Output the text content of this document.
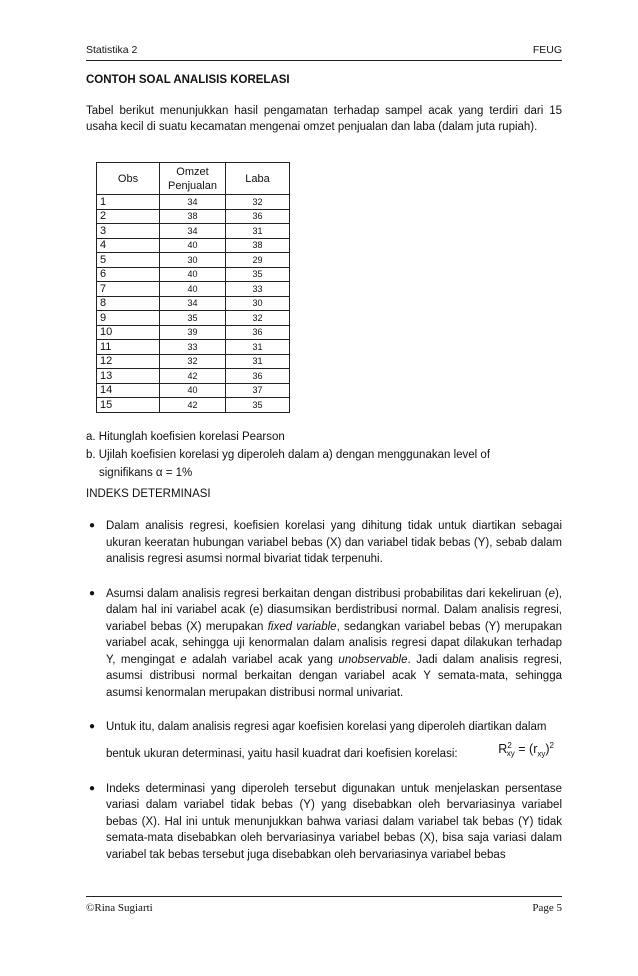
Statistika 2	FEUG
CONTOH SOAL ANALISIS KORELASI
Tabel berikut menunjukkan hasil pengamatan terhadap sampel acak yang terdiri dari 15 usaha kecil di suatu kecamatan mengenai omzet penjualan dan laba (dalam juta rupiah).
Obs	Omzet Penjualan	Laba
1	34	32
2	38	36
3	34	31
4	40	38
5	30	29
6	40	35
7	40	33
8	34	30
9	35	32
10	39	36
11	33	31
12	32	31
13	42	36
14	40	37
15	42	35
a. Hitunglah koefisien korelasi Pearson
b. Ujilah koefisien korelasi yg diperoleh dalam a) dengan menggunakan level of
signifikans α = 1%
INDEKS DETERMINASI
● Dalam analisis regresi, koefisien korelasi yang dihitung tidak untuk diartikan sebagai ukuran keeratan hubungan variabel bebas (X) dan variabel tidak bebas (Y), sebab dalam analisis regresi asumsi normal bivariat tidak terpenuhi.
● Asumsi dalam analisis regresi berkaitan dengan distribusi probabilitas dari kekeliruan (e), dalam hal ini variabel acak (e) diasumsikan berdistribusi normal. Dalam analisis regresi, variabel bebas (X) merupakan fixed variable, sedangkan variabel bebas (Y) merupakan variabel acak, sehingga uji kenormalan dalam analisis regresi dapat dilakukan terhadap Y, mengingat e adalah variabel acak yang unobservable. Jadi dalam analisis regresi, asumsi distribusi normal berkaitan dengan variabel acak Y semata-mata, sehingga asumsi kenormalan merupakan distribusi normal univariat.
● Untuk itu, dalam analisis regresi agar koefisien korelasi yang diperoleh diartikan dalam
bentuk ukuran determinasi, yaitu hasil kuadrat dari koefisien korelasi:	$R^2_{xy} = (r_{xy})^2$
● Indeks determinasi yang diperoleh tersebut digunakan untuk menjelaskan persentase variasi dalam variabel tidak bebas (Y) yang disebabkan oleh bervariasinya variabel bebas (X). Hal ini untuk menunjukkan bahwa variasi dalam variabel tak bebas (Y) tidak semata-mata disebabkan oleh bervariasinya variabel bebas (X), bisa saja variasi dalam variabel tak bebas tersebut juga disebabkan oleh bervariasinya variabel bebas
©Rina Sugiarti	Page 5
